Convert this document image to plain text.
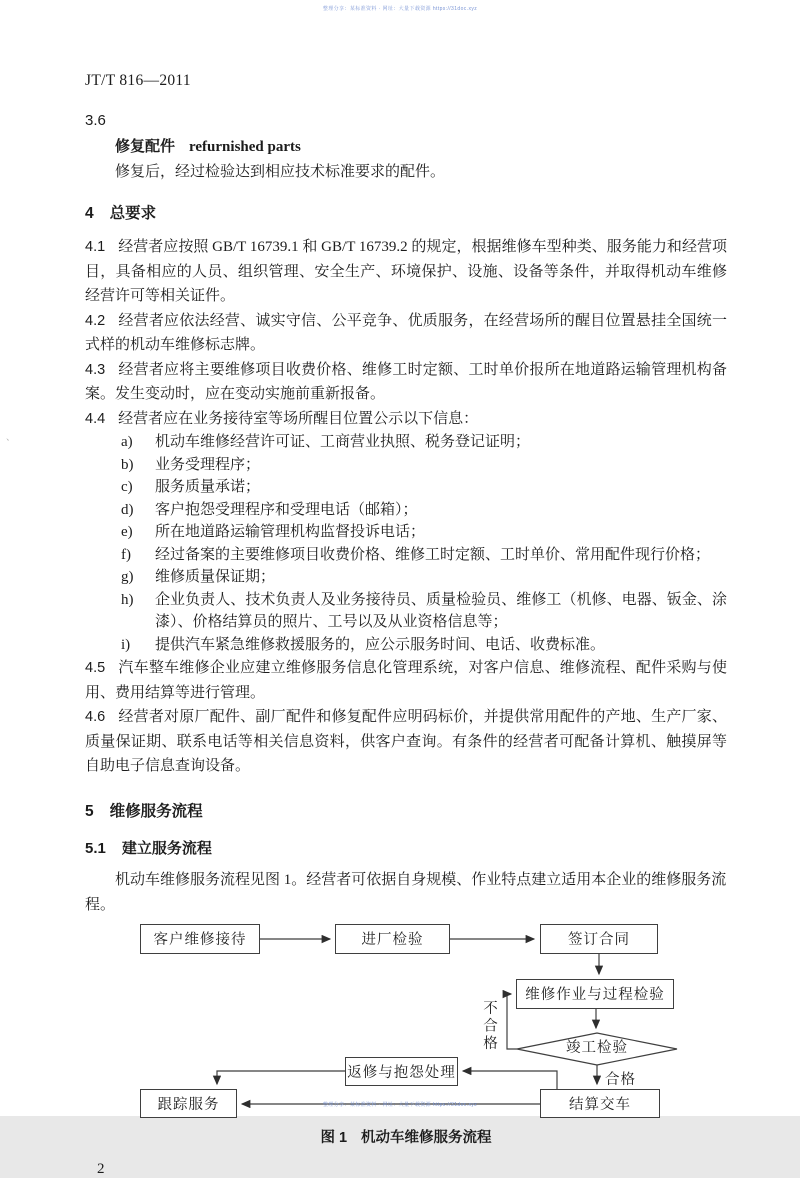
整理分享：某标准资料 · 网址：大量下载资源 https://31doc.xyz
、
JT/T 816—2011
3.6
修复配件 refurnished parts
修复后，经过检验达到相应技术标准要求的配件。
4 总要求

4.1 经营者应按照 GB/T 16739.1 和 GB/T 16739.2 的规定，根据维修车型种类、服务能力和经营项目，具备相应的人员、组织管理、安全生产、环境保护、设施、设备等条件，并取得机动车维修经营许可等相关证件。

4.2 经营者应依法经营、诚实守信、公平竞争、优质服务，在经营场所的醒目位置悬挂全国统一式样的机动车维修标志牌。

4.3 经营者应将主要维修项目收费价格、维修工时定额、工时单价报所在地道路运输管理机构备案。发生变动时，应在变动实施前重新报备。

4.4 经营者应在业务接待室等场所醒目位置公示以下信息：

a) 机动车维修经营许可证、工商营业执照、税务登记证明；
b) 业务受理程序；
c) 服务质量承诺；
d) 客户抱怨受理程序和受理电话（邮箱）；
e) 所在地道路运输管理机构监督投诉电话；
f) 经过备案的主要维修项目收费价格、维修工时定额、工时单价、常用配件现行价格；
g) 维修质量保证期；
h) 企业负责人、技术负责人及业务接待员、质量检验员、维修工（机修、电器、钣金、涂漆）、价格结算员的照片、工号以及从业资格信息等；
i) 提供汽车紧急维修救援服务的，应公示服务时间、电话、收费标准。

4.5 汽车整车维修企业应建立维修服务信息化管理系统，对客户信息、维修流程、配件采购与使用、费用结算等进行管理。

4.6 经营者对原厂配件、副厂配件和修复配件应明码标价，并提供常用配件的产地、生产厂家、质量保证期、联系电话等相关信息资料，供客户查询。有条件的经营者可配备计算机、触摸屏等自助电子信息查询设备。

5 维修服务流程
5.1 建立服务流程

机动车维修服务流程见图 1。经营者可依据自身规模、作业特点建立适用本企业的维修服务流程。

客户维修接待	进厂检验	签订合同
维修作业与过程检验
竣工检验
结算交车
返修与抱怨处理
跟踪服务
不合格
合格
图 1 机动车维修服务流程
2
整理分享：某标准资料 · 网址：大量下载资源 https://31doc.xyz
